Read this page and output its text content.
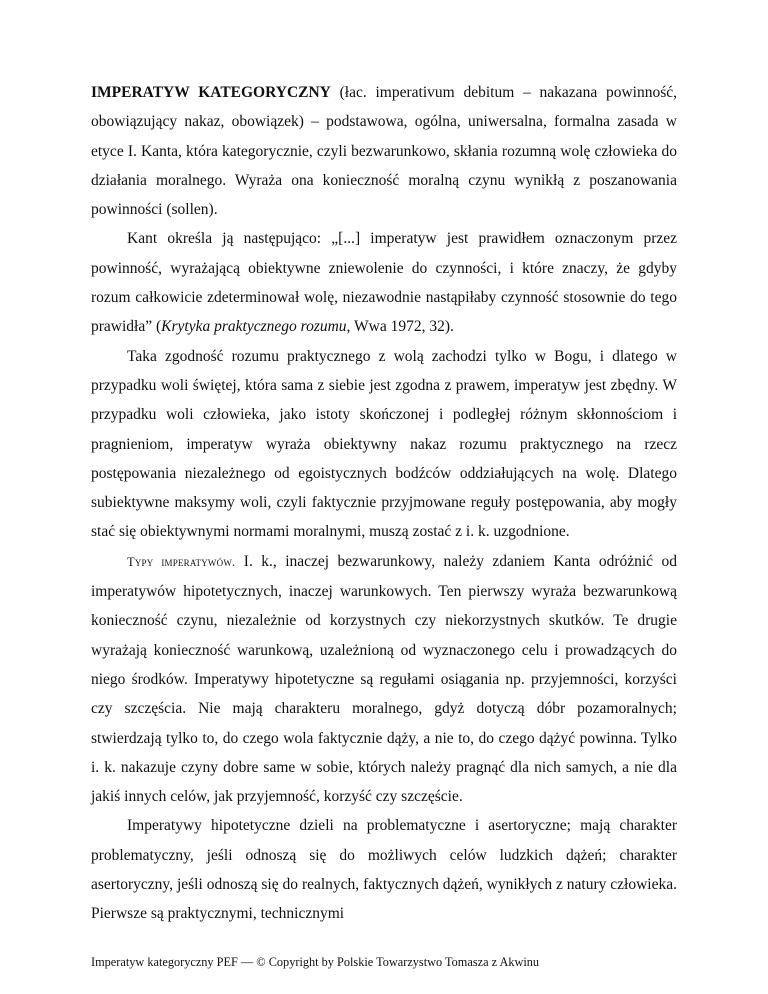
IMPERATYW KATEGORYCZNY (łac. imperativum debitum – nakazana powinność, obowiązujący nakaz, obowiązek) – podstawowa, ogólna, uniwersalna, formalna zasada w etyce I. Kanta, która kategorycznie, czyli bezwarunkowo, skłania rozumną wolę człowieka do działania moralnego. Wyraża ona konieczność moralną czynu wynikłą z poszanowania powinności (sollen).

Kant określa ją następująco: „[...] imperatyw jest prawidłem oznaczonym przez powinność, wyrażającą obiektywne zniewolenie do czynności, i które znaczy, że gdyby rozum całkowicie zdeterminował wolę, niezawodnie nastąpiłaby czynność stosownie do tego prawidła” (Krytyka praktycznego rozumu, Wwa 1972, 32).

Taka zgodność rozumu praktycznego z wolą zachodzi tylko w Bogu, i dlatego w przypadku woli świętej, która sama z siebie jest zgodna z prawem, imperatyw jest zbędny. W przypadku woli człowieka, jako istoty skończonej i podległej różnym skłonnościom i pragnieniom, imperatyw wyraża obiektywny nakaz rozumu praktycznego na rzecz postępowania niezależnego od egoistycznych bodźców oddziałujących na wolę. Dlatego subiektywne maksymy woli, czyli faktycznie przyjmowane reguły postępowania, aby mogły stać się obiektywnymi normami moralnymi, muszą zostać z i. k. uzgodnione.

Typy imperatywów. I. k., inaczej bezwarunkowy, należy zdaniem Kanta odróżnić od imperatywów hipotetycznych, inaczej warunkowych. Ten pierwszy wyraża bezwarunkową konieczność czynu, niezależnie od korzystnych czy niekorzystnych skutków. Te drugie wyrażają konieczność warunkową, uzależnioną od wyznaczonego celu i prowadzących do niego środków. Imperatywy hipotetyczne są regułami osiągania np. przyjemności, korzyści czy szczęścia. Nie mają charakteru moralnego, gdyż dotyczą dóbr pozamoralnych; stwierdzają tylko to, do czego wola faktycznie dąży, a nie to, do czego dążyć powinna. Tylko i. k. nakazuje czyny dobre same w sobie, których należy pragnąć dla nich samych, a nie dla jakiś innych celów, jak przyjemność, korzyść czy szczęście.

Imperatywy hipotetyczne dzieli na problematyczne i asertoryczne; mają charakter problematyczny, jeśli odnoszą się do możliwych celów ludzkich dążeń; charakter asertoryczny, jeśli odnoszą się do realnych, faktycznych dążeń, wynikłych z natury człowieka. Pierwsze są praktycznymi, technicznymi

Imperatyw kategoryczny PEF — © Copyright by Polskie Towarzystwo Tomasza z Akwinu
